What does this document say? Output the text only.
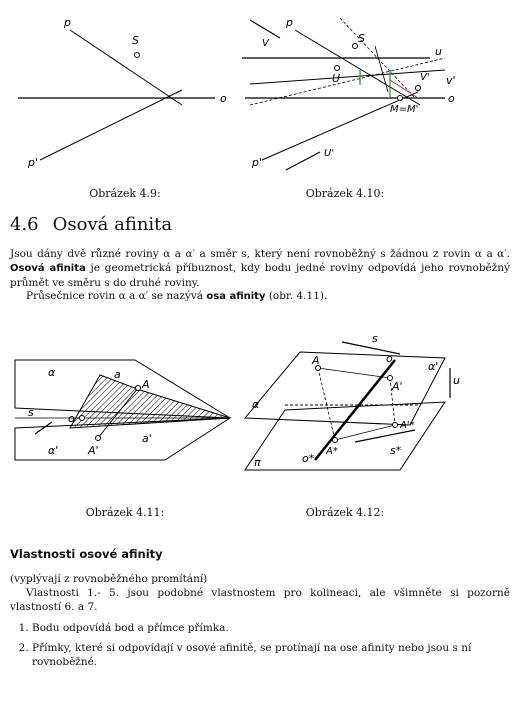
p
S
o
p'
Obrázek 4.9:
p
V	S
u
U	V' v'
o
M=M'
p'
U'
Obrázek 4.10:
4.6 Osová afinita
Jsou dány dvě různé roviny α a α′ a směr s, který není rovnoběžný s žádnou z rovin α a α′. Osová afinita je geometrická příbuznost, kdy bodu jedné roviny odpovídá jeho rovnoběžný průmět ve směru s do druhé roviny.
Průsečnice rovin α a α′ se nazývá osa afinity (obr. 4.11).
α	a
A
s	o
a'
α'	A'
Obrázek 4.11:
s
α'
o
A
A'	u
α
A'*
A*
o*
s*
π
Obrázek 4.12:
Vlastnosti osové afinity
(vyplývají z rovnoběžného promítání)
Vlastnosti 1.- 5. jsou podobné vlastnostem pro kolineaci, ale všimněte si pozorně vlastností 6. a 7.
1. Bodu odpovídá bod a přímce přímka.
2. Přímky, které si odpovídají v osové afinitě, se protínají na ose afinity nebo jsou s ní rovnoběžné.
